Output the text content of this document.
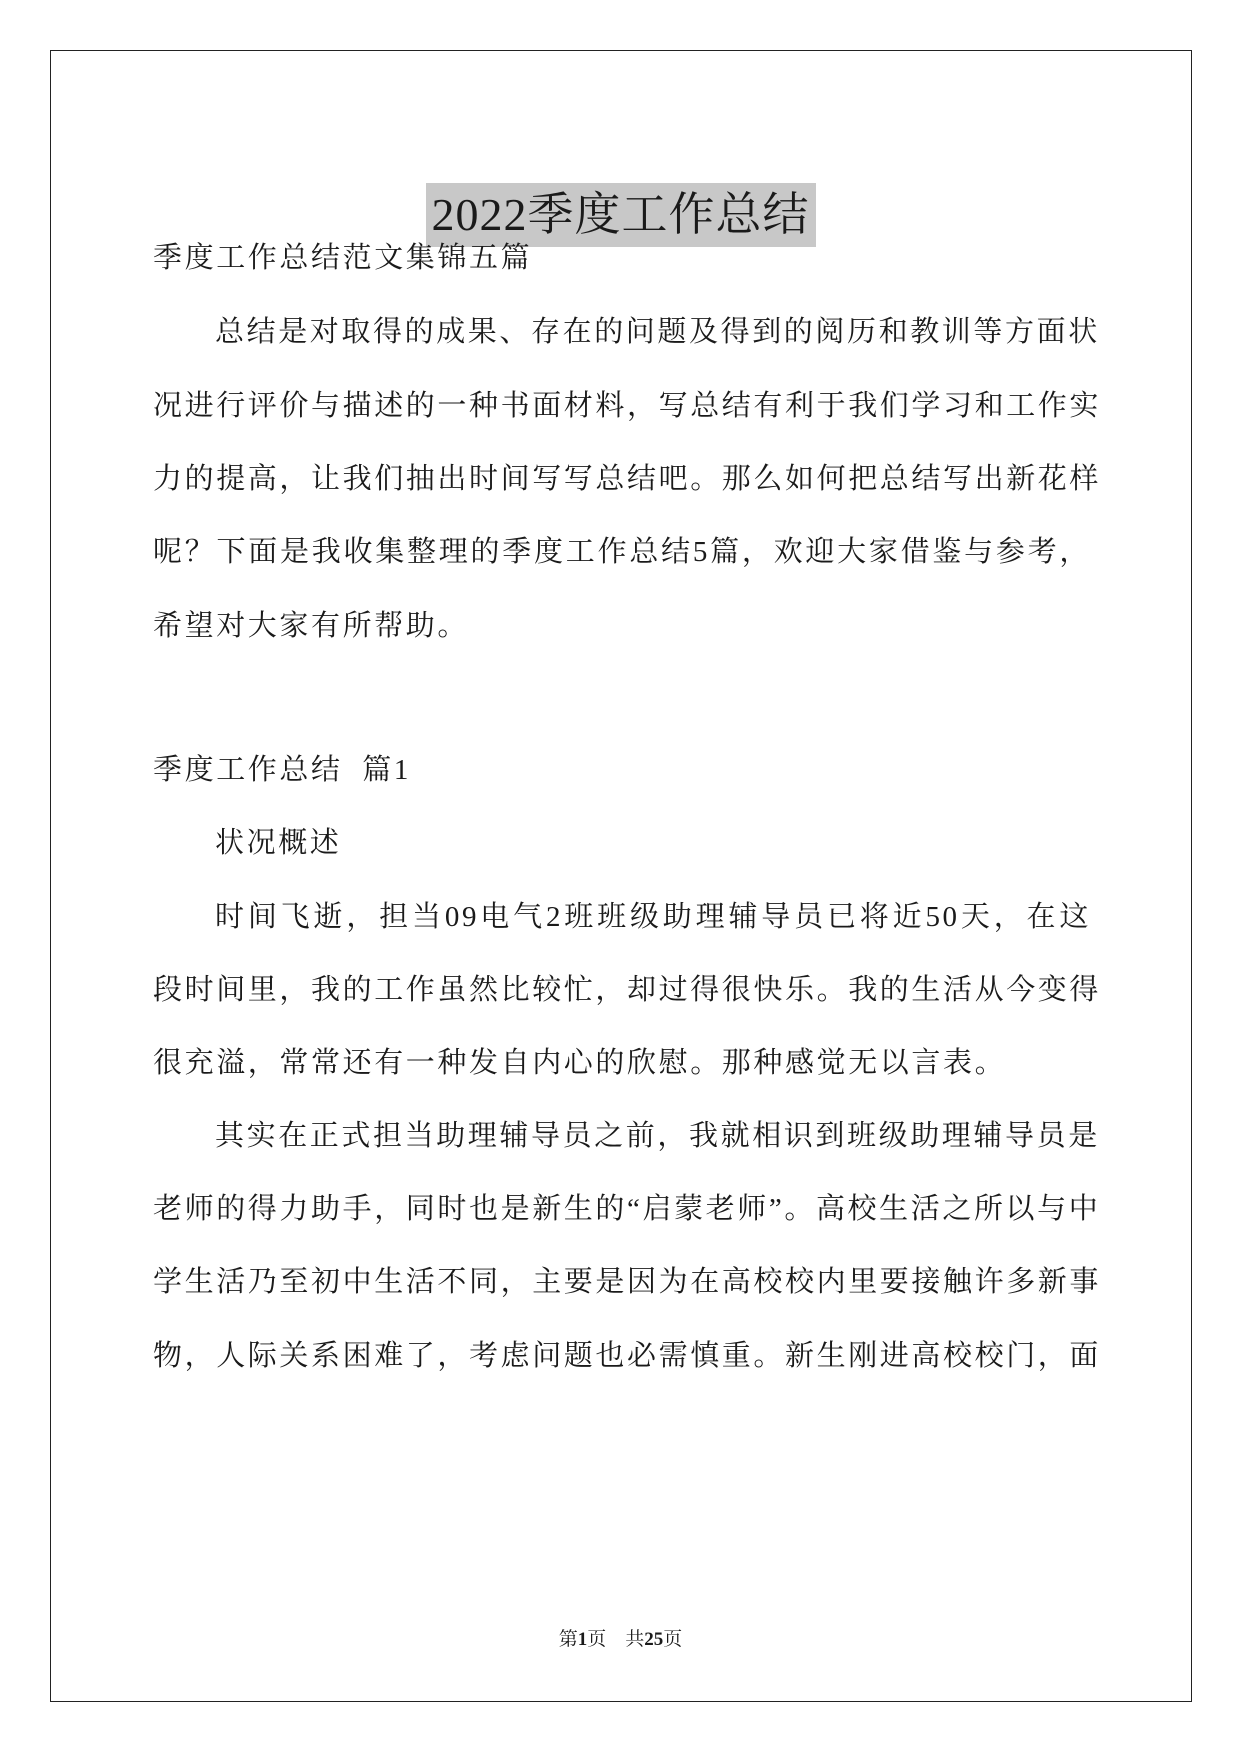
2022季度工作总结
季度工作总结范文集锦五篇
总结是对取得的成果、存在的问题及得到的阅历和教训等方面状
况进行评价与描述的一种书面材料，写总结有利于我们学习和工作实
力的提高，让我们抽出时间写写总结吧。那么如何把总结写出新花样
呢？下面是我收集整理的季度工作总结5篇，欢迎大家借鉴与参考，
希望对大家有所帮助。
季度工作总结  篇1
状况概述
时间飞逝，担当09电气2班班级助理辅导员已将近50天，在这
段时间里，我的工作虽然比较忙，却过得很快乐。我的生活从今变得
很充溢，常常还有一种发自内心的欣慰。那种感觉无以言表。
其实在正式担当助理辅导员之前，我就相识到班级助理辅导员是
老师的得力助手，同时也是新生的“启蒙老师”。高校生活之所以与中
学生活乃至初中生活不同，主要是因为在高校校内里要接触许多新事
物，人际关系困难了，考虑问题也必需慎重。新生刚进高校校门，面
第1页 共25页
